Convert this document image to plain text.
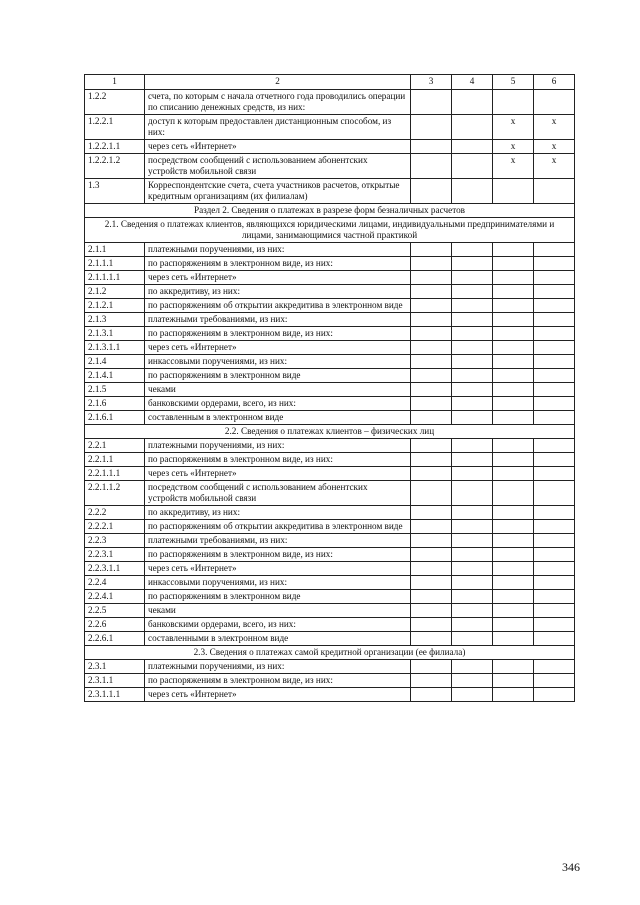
1	2	3	4	5	6
1.2.2	счета, по которым с начала отчетного года проводились операции по списанию денежных средств, из них:				
1.2.2.1	доступ к которым предоставлен дистанционным способом, из них:			x	x
1.2.2.1.1	через сеть «Интернет»			x	x
1.2.2.1.2	посредством сообщений с использованием абонентских устройств мобильной связи			x	x
1.3	Корреспондентские счета, счета участников расчетов, открытые кредитным организациям (их филиалам)				
Раздел 2. Сведения о платежах в разрезе форм безналичных расчетов					
2.1. Сведения о платежах клиентов, являющихся юридическими лицами, индивидуальными предпринимателями и лицами, занимающимися частной практикой					
2.1.1	платежными поручениями, из них:				
2.1.1.1	по распоряжениям в электронном виде, из них:				
2.1.1.1.1	через сеть «Интернет»				
2.1.2	по аккредитиву, из них:				
2.1.2.1	по распоряжениям об открытии аккредитива в электронном виде				
2.1.3	платежными требованиями, из них:				
2.1.3.1	по распоряжениям в электронном виде, из них:				
2.1.3.1.1	через сеть «Интернет»				
2.1.4	инкассовыми поручениями, из них:				
2.1.4.1	по распоряжениям в электронном виде				
2.1.5	чеками				
2.1.6	банковскими ордерами, всего, из них:				
2.1.6.1	составленным в электронном виде				
2.2. Сведения о платежах клиентов – физических лиц					
2.2.1	платежными поручениями, из них:				
2.2.1.1	по распоряжениям в электронном виде, из них:				
2.2.1.1.1	через сеть «Интернет»				
2.2.1.1.2	посредством сообщений с использованием абонентских устройств мобильной связи				
2.2.2	по аккредитиву, из них:				
2.2.2.1	по распоряжениям об открытии аккредитива в электронном виде				
2.2.3	платежными требованиями, из них:				
2.2.3.1	по распоряжениям в электронном виде, из них:				
2.2.3.1.1	через сеть «Интернет»				
2.2.4	инкассовыми поручениями, из них:				
2.2.4.1	по распоряжениям в электронном виде				
2.2.5	чеками				
2.2.6	банковскими ордерами, всего, из них:				
2.2.6.1	составленными в электронном виде				
2.3. Сведения о платежах самой кредитной организации (ее филиала)					
2.3.1	платежными поручениями, из них:				
2.3.1.1	по распоряжениям в электронном виде, из них:				
2.3.1.1.1	через сеть «Интернет»				
346
